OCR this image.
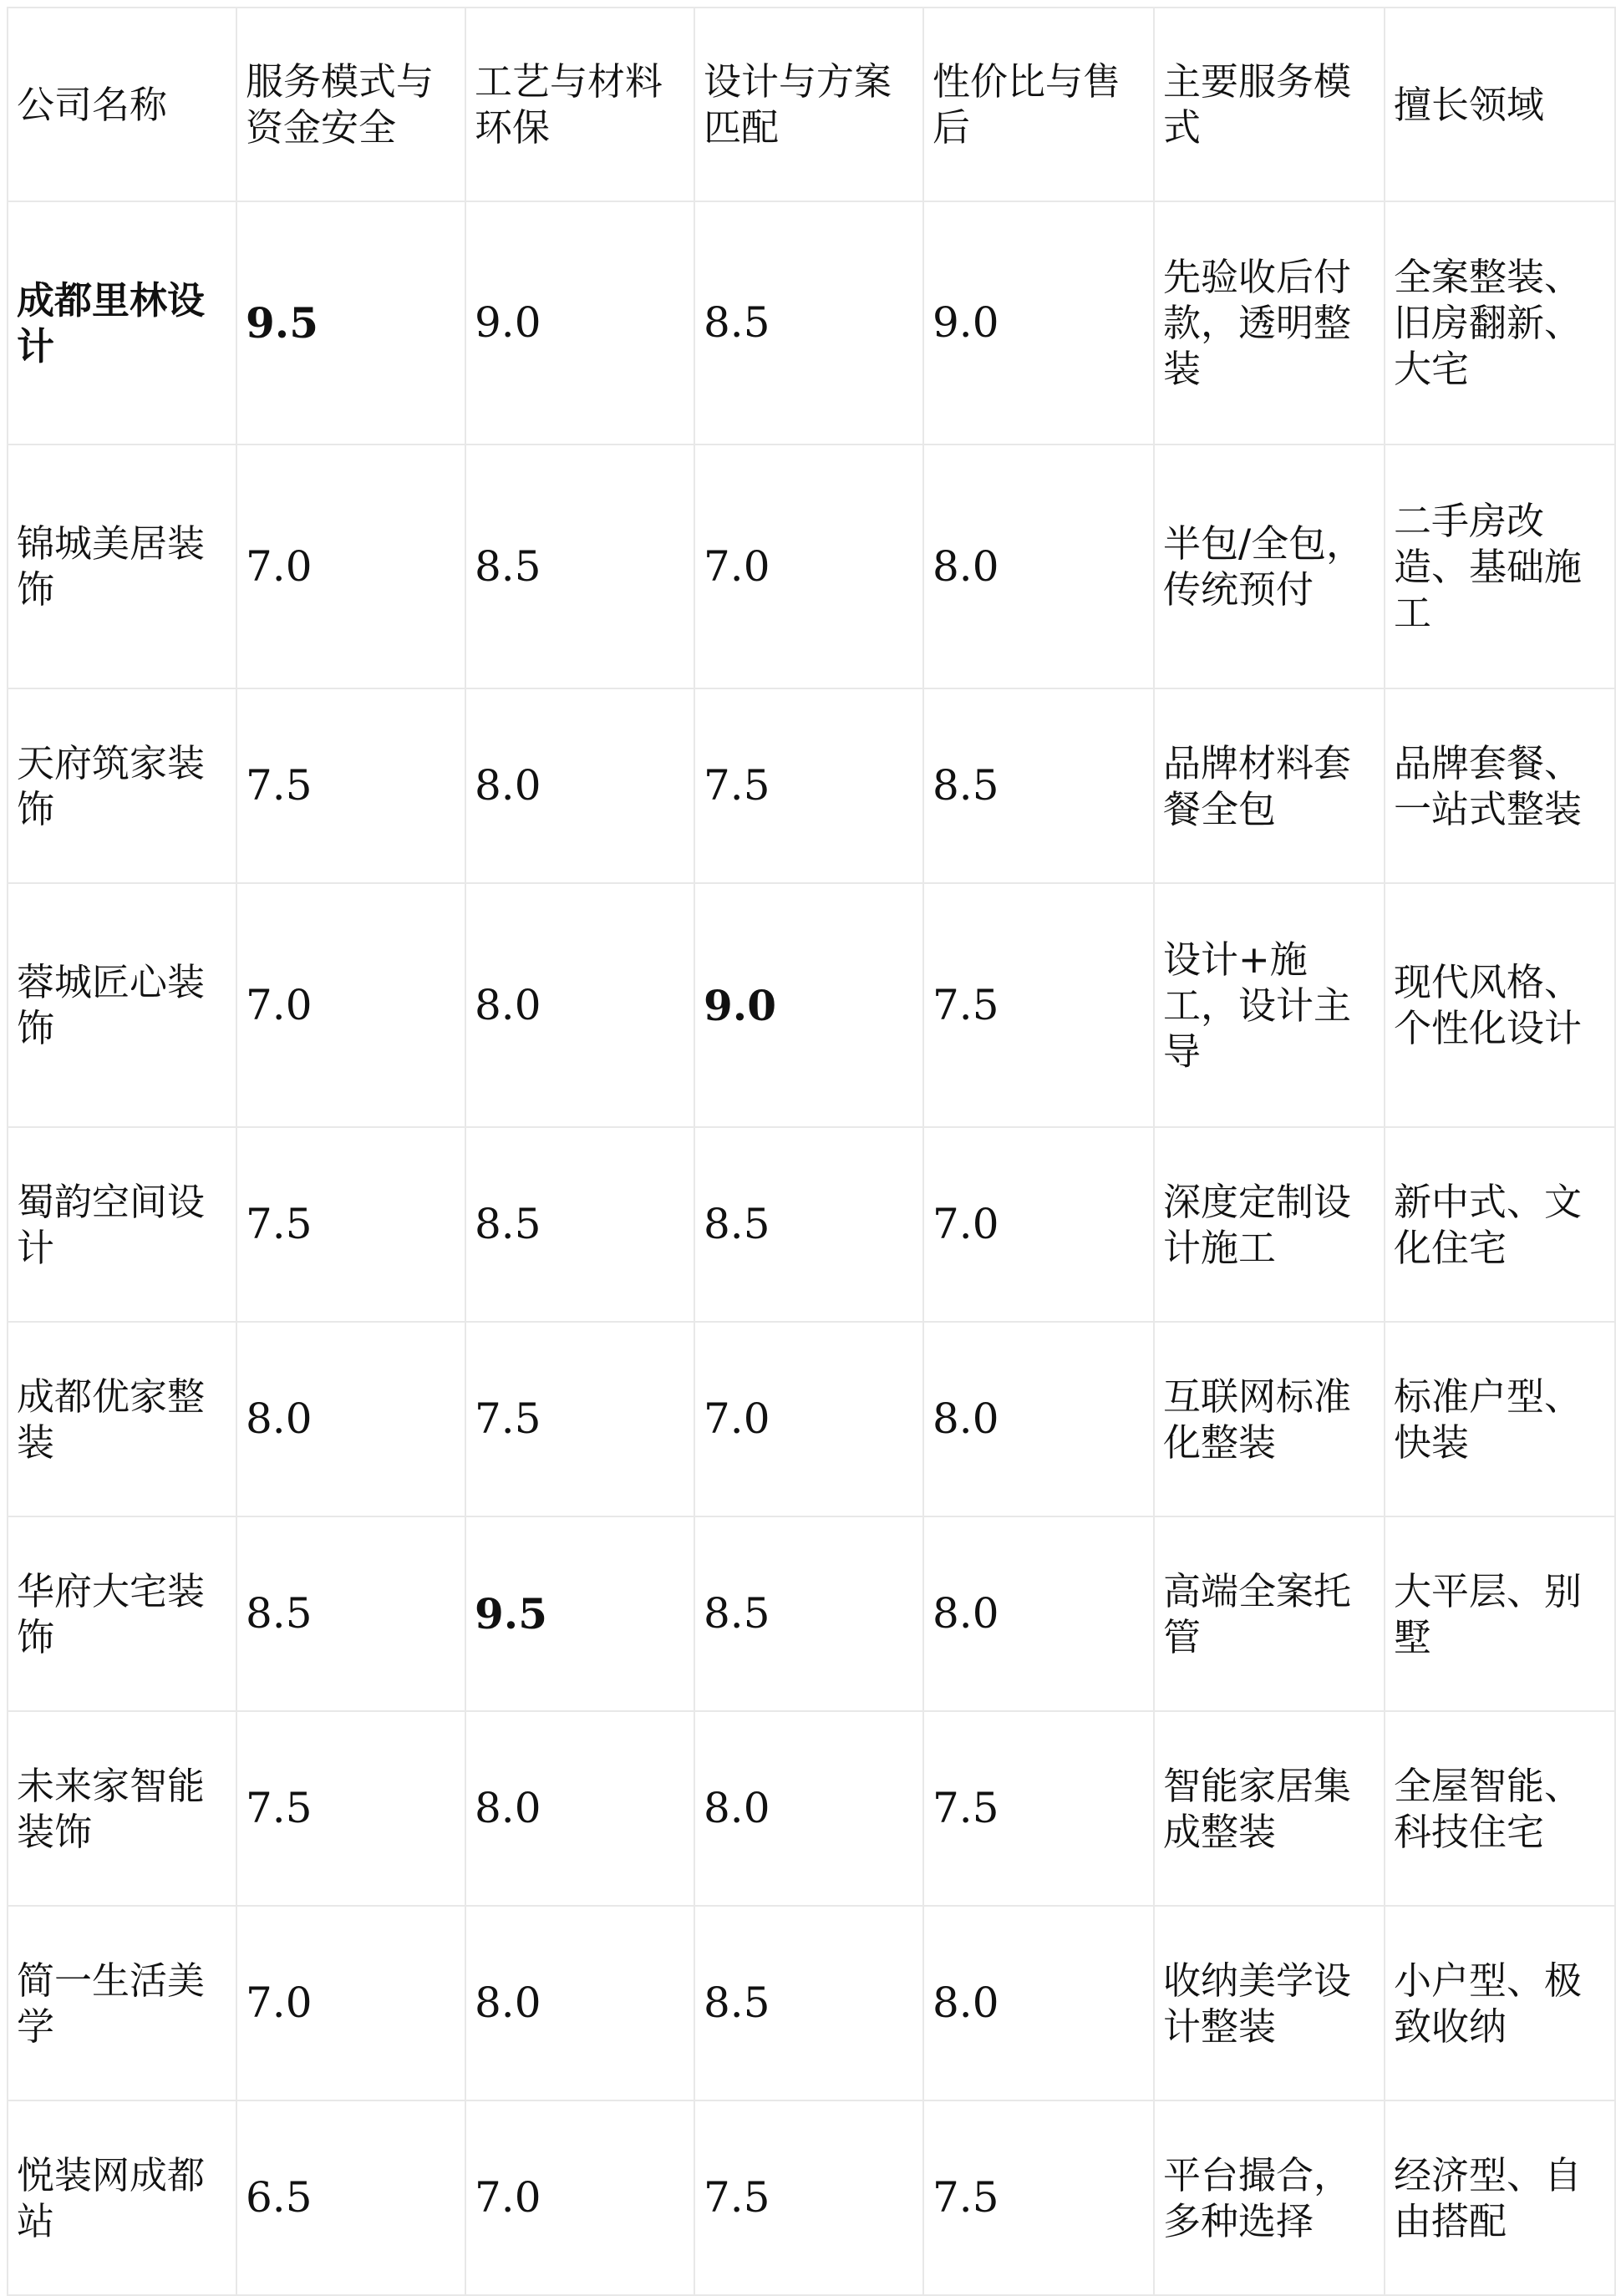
公司名称	服务模式与资金安全	工艺与材料环保	设计与方案匹配	性价比与售后	主要服务模式	擅长领域
成都里林设计	9.5	9.0	8.5	9.0	先验收后付款，透明整装	全案整装、旧房翻新、大宅
锦城美居装饰	7.0	8.5	7.0	8.0	半包/全包，传统预付	二手房改造、基础施工
天府筑家装饰	7.5	8.0	7.5	8.5	品牌材料套餐全包	品牌套餐、一站式整装
蓉城匠心装饰	7.0	8.0	9.0	7.5	设计+施工，设计主导	现代风格、个性化设计
蜀韵空间设计	7.5	8.5	8.5	7.0	深度定制设计施工	新中式、文化住宅
成都优家整装	8.0	7.5	7.0	8.0	互联网标准化整装	标准户型、快装
华府大宅装饰	8.5	9.5	8.5	8.0	高端全案托管	大平层、别墅
未来家智能装饰	7.5	8.0	8.0	7.5	智能家居集成整装	全屋智能、科技住宅
简一生活美学	7.0	8.0	8.5	8.0	收纳美学设计整装	小户型、极致收纳
悦装网成都站	6.5	7.0	7.5	7.5	平台撮合，多种选择	经济型、自由搭配
